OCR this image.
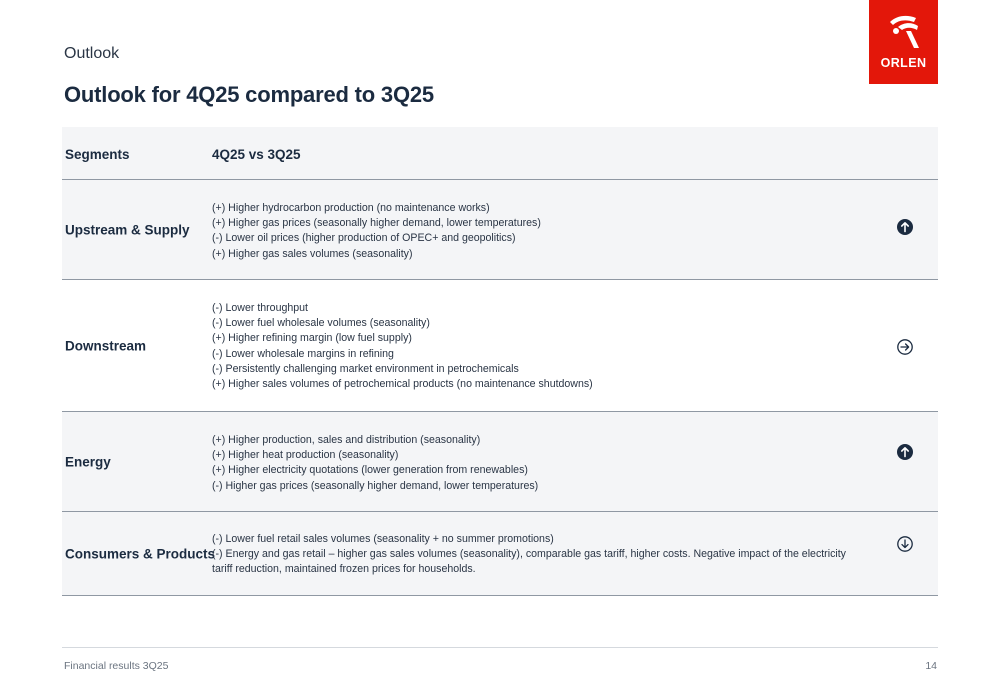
Outlook
Outlook for 4Q25 compared to 3Q25
ORLEN
Segments	4Q25 vs 3Q25
Upstream & Supply
(+) Higher hydrocarbon production (no maintenance works)
(+) Higher gas prices (seasonally higher demand, lower temperatures)
(-) Lower oil prices (higher production of OPEC+ and geopolitics)
(+) Higher gas sales volumes (seasonality)
Downstream
(-) Lower throughput
(-) Lower fuel wholesale volumes (seasonality)
(+) Higher refining margin (low fuel supply)
(-) Lower wholesale margins in refining
(-) Persistently challenging market environment in petrochemicals
(+) Higher sales volumes of petrochemical products (no maintenance shutdowns)
Energy
(+) Higher production, sales and distribution (seasonality)
(+) Higher heat production (seasonality)
(+) Higher electricity quotations (lower generation from renewables)
(-) Higher gas prices (seasonally higher demand, lower temperatures)
Consumers & Products
(-) Lower fuel retail sales volumes (seasonality + no summer promotions)
(-) Energy and gas retail – higher gas sales volumes (seasonality), comparable gas tariff, higher costs. Negative impact of the electricity tariff reduction, maintained frozen prices for households.
Financial results 3Q25	14
